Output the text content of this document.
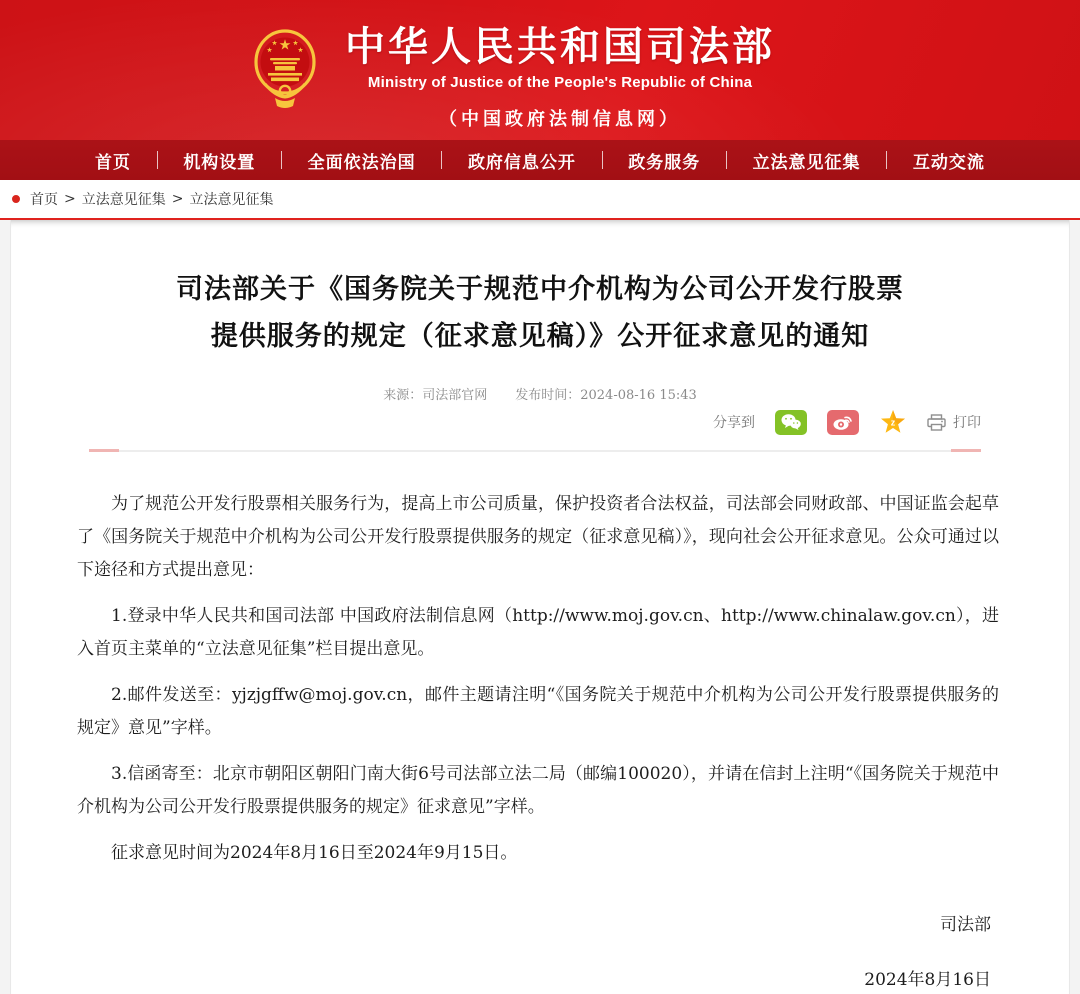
中华人民共和国司法部
Ministry of Justice of the People's Republic of China
（中国政府法制信息网）
首页	机构设置	全面依法治国	政府信息公开	政务服务	立法意见征集	互动交流
首页 > 立法意见征集 > 立法意见征集
司法部关于《国务院关于规范中介机构为公司公开发行股票
提供服务的规定（征求意见稿）》公开征求意见的通知
来源：司法部官网 发布时间：2024-08-16 15:43
分享到	z	打印

为了规范公开发行股票相关服务行为，提高上市公司质量，保护投资者合法权益，司法部会同财政部、中国证监会起草了《国务院关于规范中介机构为公司公开发行股票提供服务的规定（征求意见稿）》，现向社会公开征求意见。公众可通过以下途径和方式提出意见：

1.登录中华人民共和国司法部 中国政府法制信息网（http://www.moj.gov.cn、http://www.chinalaw.gov.cn），进入首页主菜单的“立法意见征集”栏目提出意见。

2.邮件发送至：yjzjgffw@moj.gov.cn，邮件主题请注明“《国务院关于规范中介机构为公司公开发行股票提供服务的规定》意见”字样。

3.信函寄至：北京市朝阳区朝阳门南大街6号司法部立法二局（邮编100020），并请在信封上注明“《国务院关于规范中介机构为公司公开发行股票提供服务的规定》征求意见”字样。

征求意见时间为2024年8月16日至2024年9月15日。

司法部
2024年8月16日
